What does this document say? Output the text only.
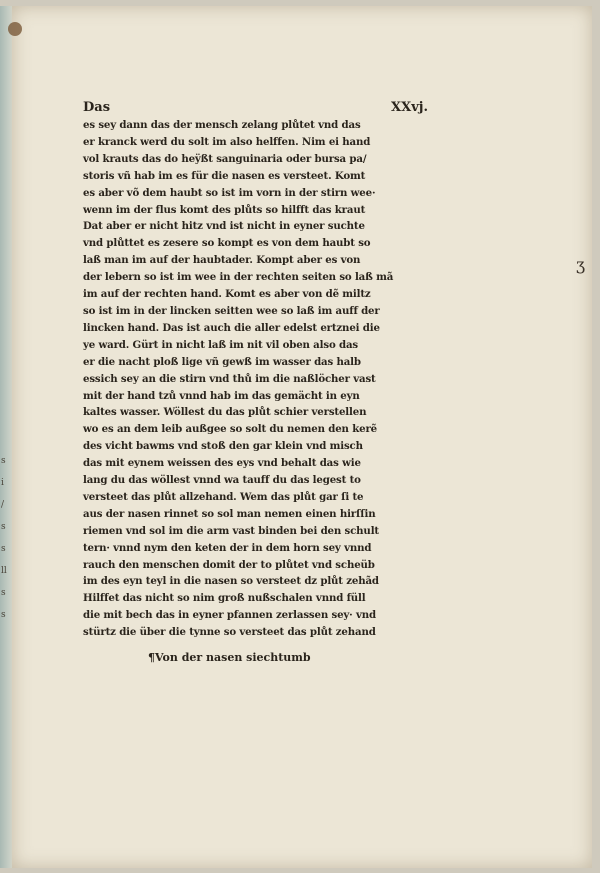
s
i
/
s
s
ll
s
s
Das	XXvj.
es sey dann das der mensch zelang plůtet vnd das
er kranck werd du solt im also helffen. Nim ei hand
vol krauts das do heÿßt sanguinaria oder bursa pa/
storis vñ hab im es für die nasen es versteet. Komt
es aber võ dem haubt so ist im vorn in der stirn wee·
wenn im der flus komt des plůts so hilfft das kraut
Dat aber er nicht hitz vnd ist nicht in eyner suchte
vnd plůttet es zesere so kompt es von dem haubt so
laß man im auf der haubtader. Kompt aber es von
der lebern so ist im wee in der rechten seiten so laß mã
im auf der rechten hand. Komt es aber von dẽ miltz
so ist im in der lincken seitten wee so laß im auff der
lincken hand. Das ist auch die aller edelst ertznei die
ye ward. Gürt in nicht laß im nit vil oben also das
er die nacht ploß lige vñ gewß im wasser das halb
essich sey an die stirn vnd thů im die naßlöcher vast
mit der hand tzů vnnd hab im das gemächt in eyn
kaltes wasser. Wöllest du das plůt schier verstellen
wo es an dem leib außgee so solt du nemen den kerẽ
des vicht bawms vnd stoß den gar klein vnd misch
das mit eynem weissen des eys vnd behalt das wie
lang du das wöllest vnnd wa tauff du das legest to
versteet das plůt allzehand. Wem das plůt gar ſi te
aus der nasen rinnet so sol man nemen einen hirſſin
riemen vnd sol im die arm vast binden bei den schult
tern· vnnd nym den keten der in dem horn sey vnnd
rauch den menschen domit der to plůtet vnd scheüb
im des eyn teyl in die nasen so versteet dz plůt zehãd
Hilffet das nicht so nim groß nußschalen vnnd füll
die mit bech das in eyner pfannen zerlassen sey· vnd
stürtz die über die tynne so versteet das plůt zehand
¶Von der nasen siechtumb
ʒ
